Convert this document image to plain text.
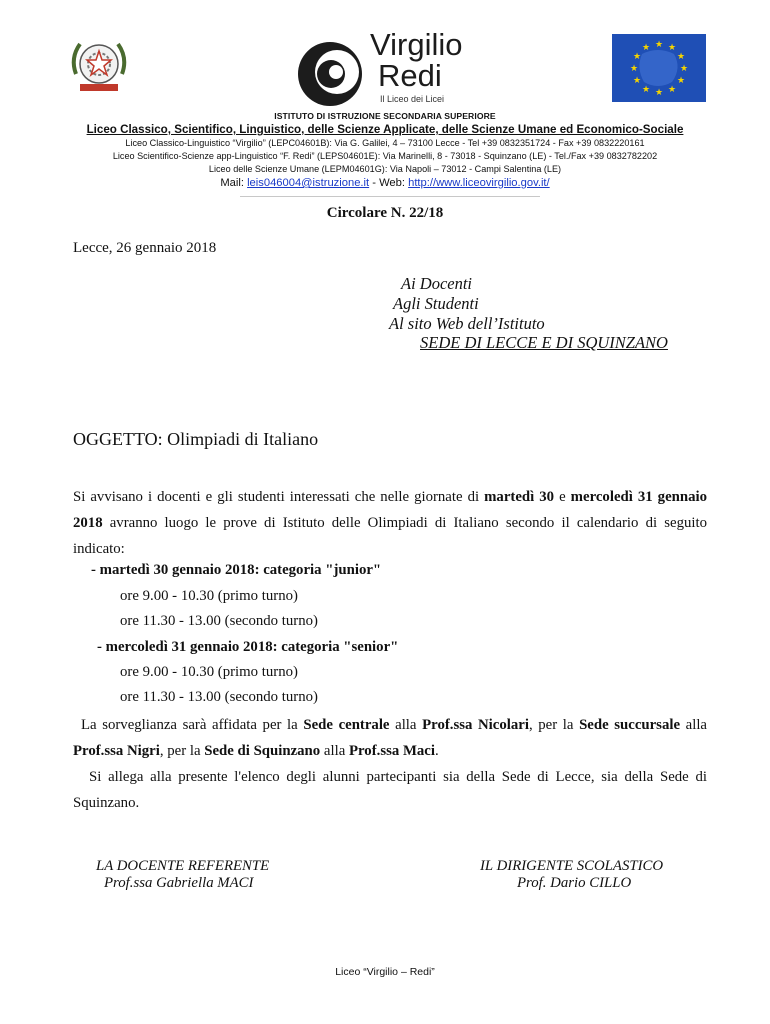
Virgilio
Redi
Il Liceo dei Licei
★ ★
★
★
★
★
★
★
★
★
★
★
ISTITUTO DI ISTRUZIONE SECONDARIA SUPERIORE
Liceo Classico, Scientifico, Linguistico, delle Scienze Applicate, delle Scienze Umane ed Economico-Sociale
Liceo Classico-Linguistico “Virgilio” (LEPC04601B): Via G. Galilei, 4 – 73100 Lecce - Tel +39 0832351724 - Fax +39 0832220161
Liceo Scientifico-Scienze app-Linguistico “F. Redi” (LEPS04601E): Via Marinelli, 8 - 73018 - Squinzano (LE) - Tel./Fax +39 0832782202
Liceo delle Scienze Umane (LEPM04601G): Via Napoli – 73012 - Campi Salentina (LE)
Mail: leis046004@istruzione.it - Web: http://www.liceovirgilio.gov.it/
Circolare N. 22/18
Lecce, 26 gennaio 2018
Ai Docenti
Agli Studenti
Al sito Web dell’Istituto
SEDE DI LECCE E DI SQUINZANO
OGGETTO: Olimpiadi di Italiano
Si avvisano i docenti e gli studenti interessati che nelle giornate di martedì 30 e mercoledì 31 gennaio 2018 avranno luogo le prove di Istituto delle Olimpiadi di Italiano secondo il calendario di seguito indicato:
- martedì 30 gennaio 2018: categoria "junior"
ore 9.00 - 10.30 (primo turno)
ore 11.30 - 13.00 (secondo turno)
- mercoledì 31 gennaio 2018: categoria "senior"
ore 9.00 - 10.30 (primo turno)
ore 11.30 - 13.00 (secondo turno)
La sorveglianza sarà affidata per la Sede centrale alla Prof.ssa Nicolari, per la Sede succursale alla Prof.ssa Nigri, per la Sede di Squinzano alla Prof.ssa Maci.
Si allega alla presente l'elenco degli alunni partecipanti sia della Sede di Lecce, sia della Sede di Squinzano.
LA DOCENTE REFERENTE
Prof.ssa Gabriella MACI
IL DIRIGENTE SCOLASTICO
Prof. Dario CILLO
Liceo “Virgilio – Redi”
